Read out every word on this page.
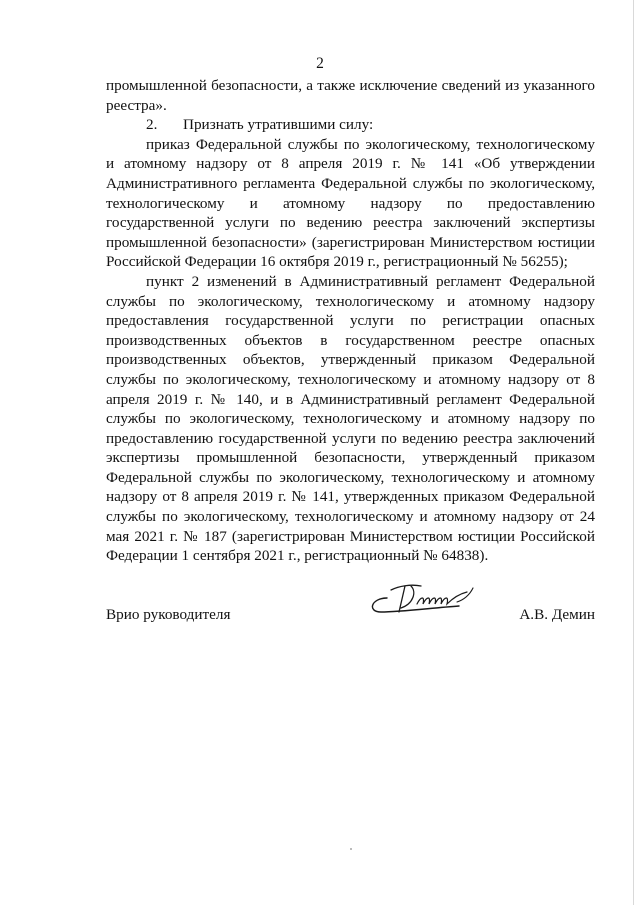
2

промышленной безопасности, а также исключение сведений из указанного реестра».

2. Признать утратившими силу:

приказ Федеральной службы по экологическому, технологическому и атомному надзору от 8 апреля 2019 г. № 141 «Об утверждении Административного регламента Федеральной службы по экологическому, технологическому и атомному надзору по предоставлению государственной услуги по ведению реестра заключений экспертизы промышленной безопасности» (зарегистрирован Министерством юстиции Российской Федерации 16 октября 2019 г., регистрационный № 56255);

пункт 2 изменений в Административный регламент Федеральной службы по экологическому, технологическому и атомному надзору предоставления государственной услуги по регистрации опасных производственных объектов в государственном реестре опасных производственных объектов, утвержденный приказом Федеральной службы по экологическому, технологическому и атомному надзору от 8 апреля 2019 г. № 140, и в Административный регламент Федеральной службы по экологическому, технологическому и атомному надзору по предоставлению государственной услуги по ведению реестра заключений экспертизы промышленной безопасности, утвержденный приказом Федеральной службы по экологическому, технологическому и атомному надзору от 8 апреля 2019 г. № 141, утвержденных приказом Федеральной службы по экологическому, технологическому и атомному надзору от 24 мая 2021 г. № 187 (зарегистрирован Министерством юстиции Российской Федерации 1 сентября 2021 г., регистрационный № 64838).

Врио руководителя	А.В. Демин
